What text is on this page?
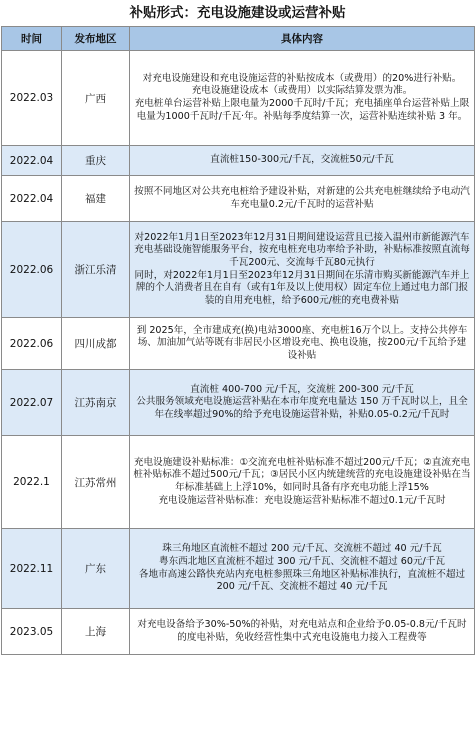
补贴形式：充电设施建设或运营补贴
时间	发布地区	具体内容
2022.03	广西	对充电设施建设和充电设施运营的补贴按成本（或费用）的20%进行补贴。
充电设施建设成本（或费用）以实际结算发票为准。
充电桩单台运营补贴上限电量为2000千瓦时/千瓦；充电插座单台运营补贴上限电量为1000千瓦时/千瓦·年。补贴每季度结算一次，运营补贴连续补贴 3 年。

2022.04	重庆	直流桩150-300元/千瓦，交流桩50元/千瓦

2022.04	福建	按照不同地区对公共充电桩给予建设补贴，对新建的公共充电桩继续给予电动汽车充电量0.2元/千瓦时的运营补贴

2022.06	浙江乐清	对2022年1月1日至2023年12月31日期间建设运营且已接入温州市新能源汽车充电基础设施智能服务平台，按充电桩充电功率给予补助，补贴标准按照直流每千瓦200元、交流每千瓦80元执行
同时，对2022年1月1日至2023年12月31日期间在乐清市购买新能源汽车并上牌的个人消费者且在自有（或有1年及以上使用权）固定车位上通过电力部门报装的自用充电桩，给予600元/桩的充电费补贴

2022.06	四川成都	到 2025年，全市建成充(换)电站3000座、充电桩16万个以上。支持公共停车场、加油加气站等既有非居民小区增设充电、换电设施，按200元/千瓦给予建设补贴

2022.07	江苏南京	直流桩 400-700 元/千瓦，交流桩 200-300 元/千瓦
公共服务领域充电设施运营补贴在本市年度充电量达 150 万千瓦时以上，且全年在线率超过90%的给予充电设施运营补贴，补贴0.05-0.2元/千瓦时

2022.1	江苏常州	充电设施建设补贴标准：①交流充电桩补贴标准不超过200元/千瓦；②直流充电桩补贴标准不超过500元/千瓦；③居民小区内统建统营的充电设施建设补贴在当年标准基础上上浮10%，如同时具备有序充电功能上浮15%
充电设施运营补贴标准：充电设施运营补贴标准不超过0.1元/千瓦时

2022.11	广东	珠三角地区直流桩不超过 200 元/千瓦、交流桩不超过 40 元/千瓦
粤东西北地区直流桩不超过 300 元/千瓦、交流桩不超过 60元/千瓦
各地市高速公路快充站内充电桩参照珠三角地区补贴标准执行，直流桩不超过 200 元/千瓦、交流桩不超过 40 元/千瓦

2023.05	上海	对充电设备给予30%-50%的补贴，对充电站点和企业给予0.05-0.8元/千瓦时的度电补贴，免收经营性集中式充电设施电力接入工程费等
